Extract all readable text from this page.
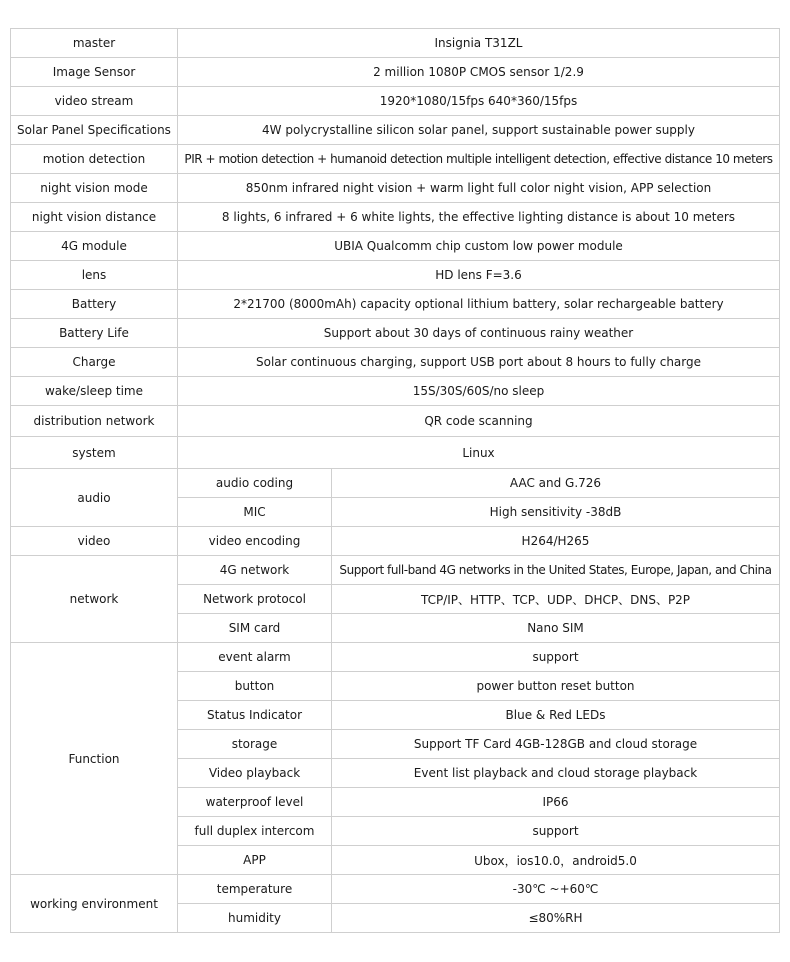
master	Insignia T31ZL	
Image Sensor	2 million 1080P CMOS sensor 1/2.9	
video stream	1920*1080/15fps 640*360/15fps	
Solar Panel Specifications	4W polycrystalline silicon solar panel, support sustainable power supply	
motion detection	PIR + motion detection + humanoid detection multiple intelligent detection, effective distance 10 meters	
night vision mode	850nm infrared night vision + warm light full color night vision, APP selection	
night vision distance	8 lights, 6 infrared + 6 white lights, the effective lighting distance is about 10 meters	
4G module	UBIA Qualcomm chip custom low power module	
lens	HD lens F=3.6	
Battery	2*21700 (8000mAh) capacity optional lithium battery, solar rechargeable battery	
Battery Life	Support about 30 days of continuous rainy weather	
Charge	Solar continuous charging, support USB port about 8 hours to fully charge	
wake/sleep time	15S/30S/60S/no sleep	
distribution network	QR code scanning	
system	Linux	
audio	audio coding	AAC and G.726
	MIC	High sensitivity -38dB
video	video encoding	H264/H265
network	4G network	Support full-band 4G networks in the United States, Europe, Japan, and China
	Network protocol	TCP/IP、HTTP、TCP、UDP、DHCP、DNS、P2P
	SIM card	Nano SIM
Function	event alarm	support
	button	power button reset button
	Status Indicator	Blue & Red LEDs
	storage	Support TF Card 4GB-128GB and cloud storage
	Video playback	Event list playback and cloud storage playback
	waterproof level	IP66
	full duplex intercom	support
	APP	Ubox，ios10.0，android5.0
working environment	temperature	-30℃ ~+60℃
	humidity	≤80%RH
